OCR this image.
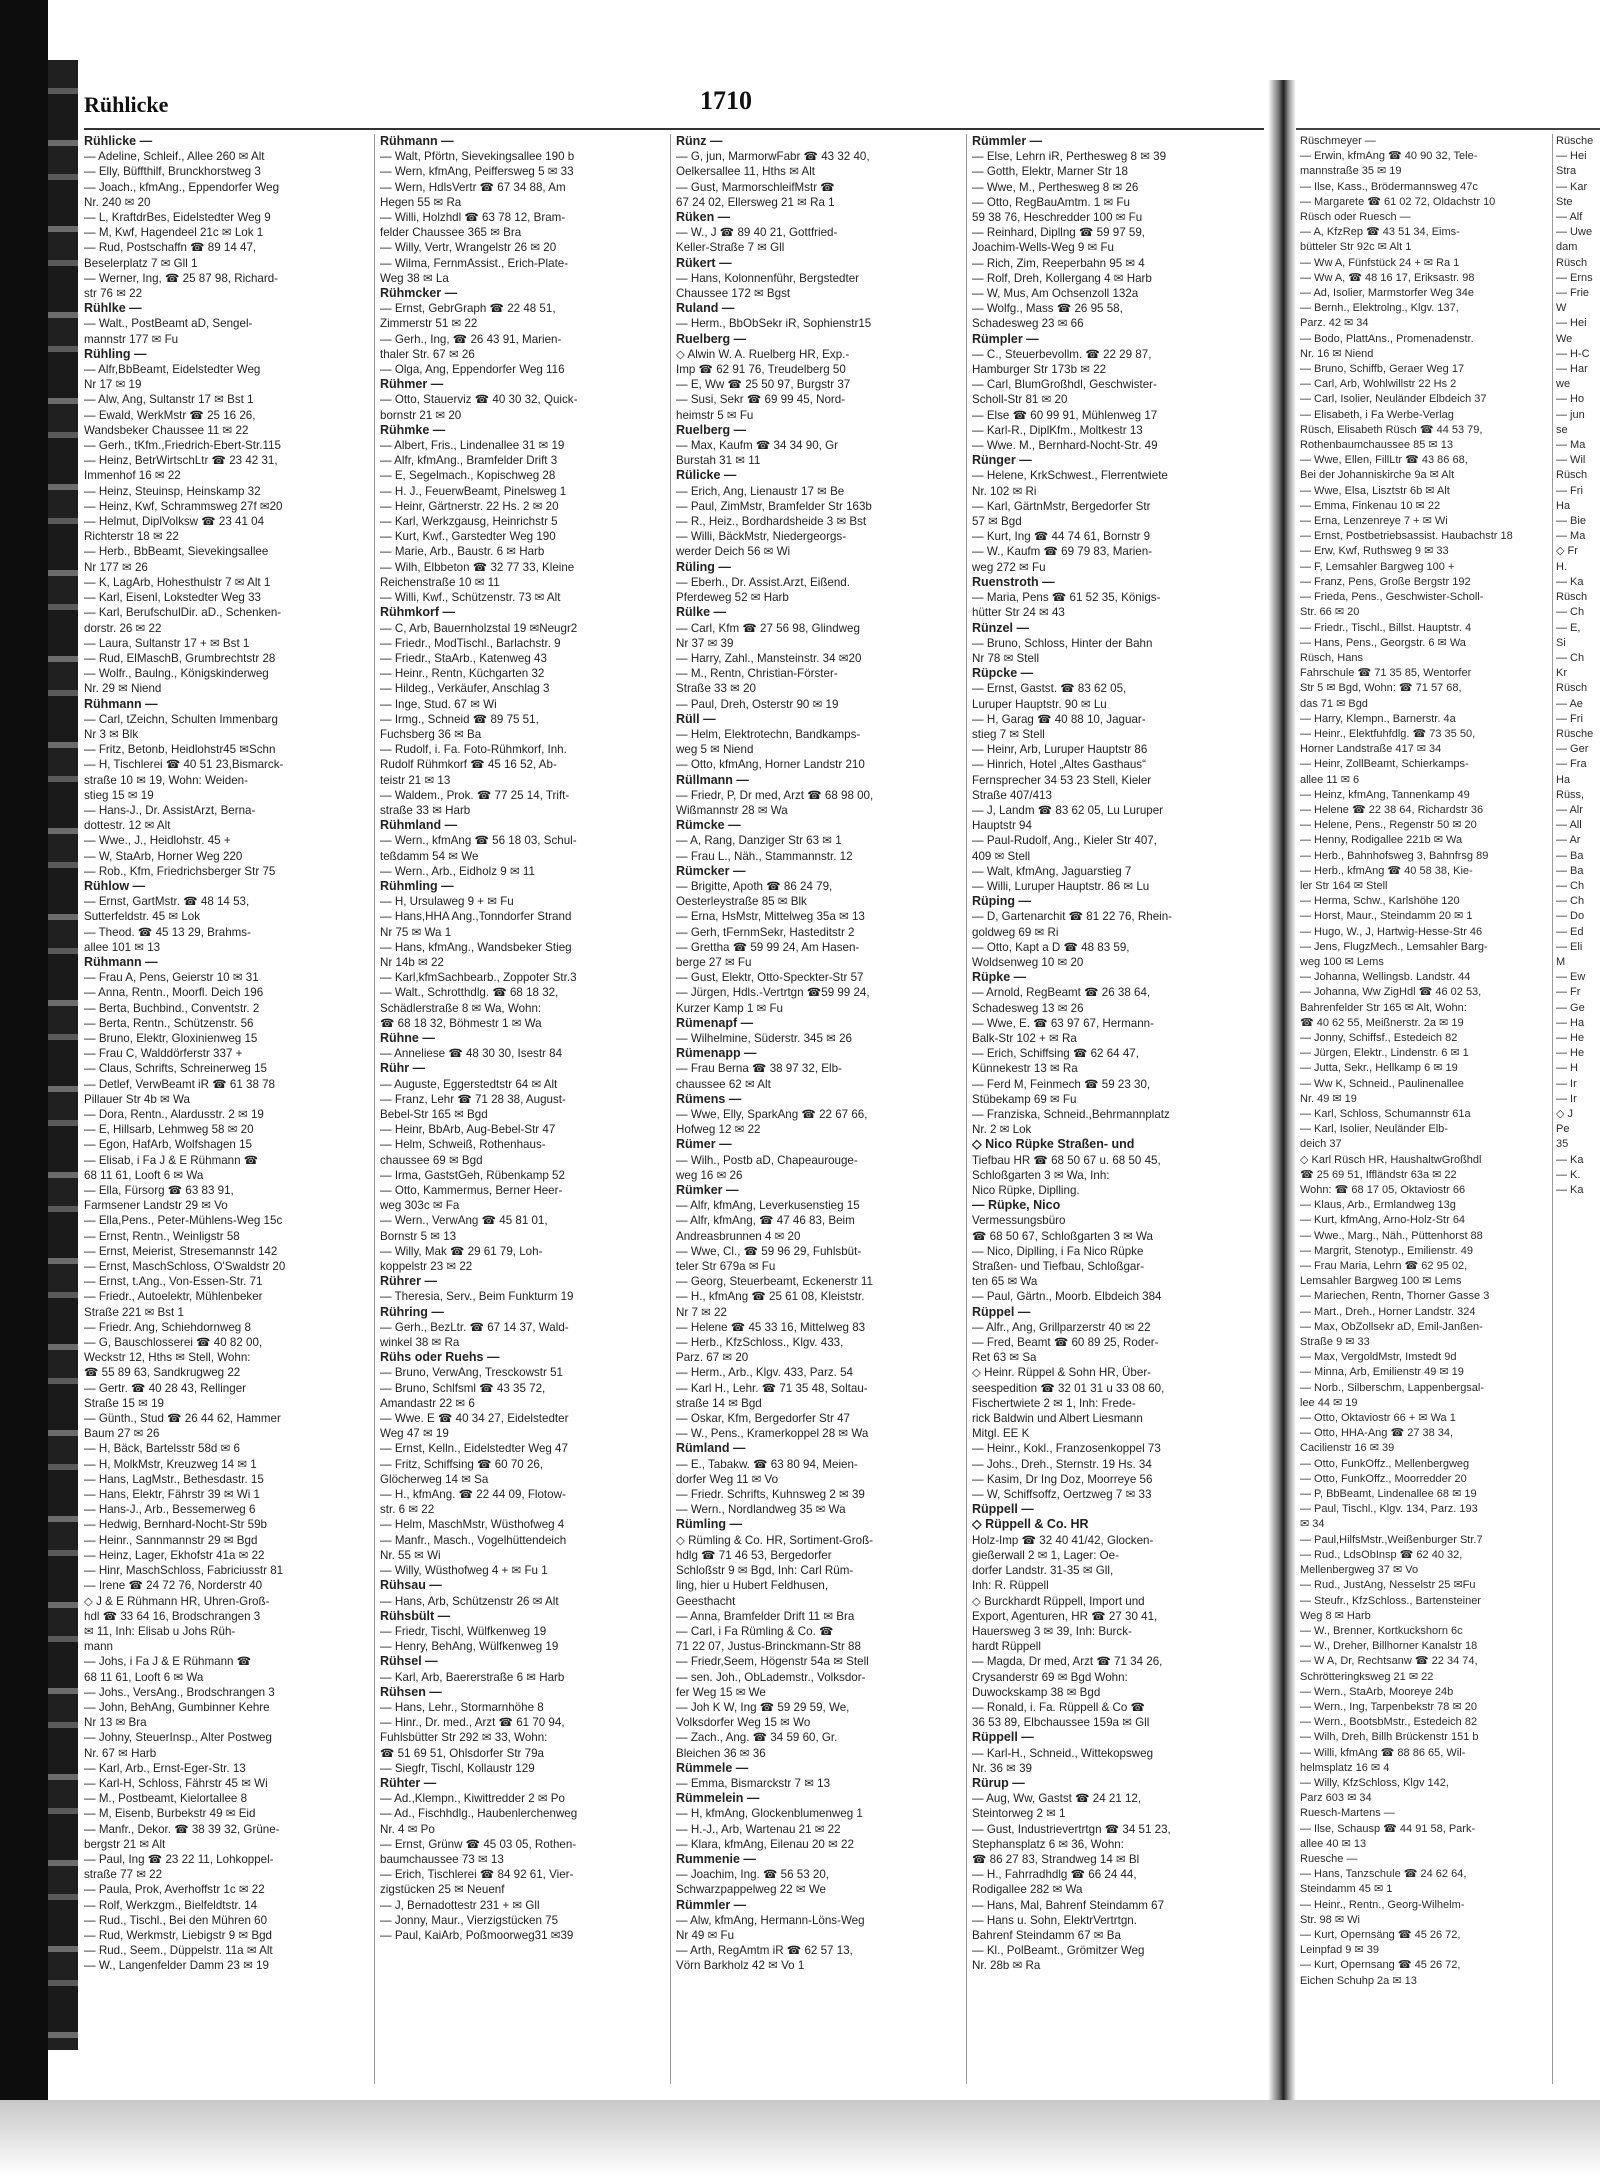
Rühlicke	1710
Rühlicke —
— Adeline, Schleif., Allee 260 ✉ Alt
— Elly, Büffthilf, Brunckhorstweg 3
— Joach., kfmAng., Eppendorfer Weg
Nr. 240 ✉ 20
— L, KraftdrBes, Eidelstedter Weg 9
— M, Kwf, Hagendeel 21c ✉ Lok 1
— Rud, Postschaffn ☎ 89 14 47,
Beselerplatz 7 ✉ Gll 1
— Werner, Ing, ☎ 25 87 98, Richard-
str 76 ✉ 22
Rühlke —
— Walt., PostBeamt aD, Sengel-
mannstr 177 ✉ Fu
Rühling —
— Alfr,BbBeamt, Eidelstedter Weg
Nr 17 ✉ 19
— Alw, Ang, Sultanstr 17 ✉ Bst 1
— Ewald, WerkMstr ☎ 25 16 26,
Wandsbeker Chaussee 11 ✉ 22
— Gerh., tKfm.,Friedrich-Ebert-Str.115
— Heinz, BetrWirtschLtr ☎ 23 42 31,
Immenhof 16 ✉ 22
— Heinz, Steuinsp, Heinskamp 32
— Heinz, Kwf, Schrammsweg 27f ✉20
— Helmut, DiplVolksw ☎ 23 41 04
Richterstr 18 ✉ 22
— Herb., BbBeamt, Sievekingsallee
Nr 177 ✉ 26
— K, LagArb, Hohesthulstr 7 ✉ Alt 1
— Karl, Eisenl, Lokstedter Weg 33
— Karl, BerufschulDir. aD., Schenken-
dorstr. 26 ✉ 22
— Laura, Sultanstr 17 + ✉ Bst 1
— Rud, ElMaschB, Grumbrechtstr 28
— Wolfr., Baulng., Königskinderweg
Nr. 29 ✉ Niend
Rühmann —
— Carl, tZeichn, Schulten Immenbarg
Nr 3 ✉ Blk
— Fritz, Betonb, Heidlohstr45 ✉Schn
— H, Tischlerei ☎ 40 51 23,Bismarck-
straße 10 ✉ 19, Wohn: Weiden-
stieg 15 ✉ 19
— Hans-J., Dr. AssistArzt, Berna-
dottestr. 12 ✉ Alt
— Wwe., J., Heidlohstr. 45 +
— W, StaArb, Horner Weg 220
— Rob., Kfm, Friedrichsberger Str 75
Rühlow —
— Ernst, GartMstr. ☎ 48 14 53,
Sutterfeldstr. 45 ✉ Lok
— Theod. ☎ 45 13 29, Brahms-
allee 101 ✉ 13
Rühmann —
— Frau A, Pens, Geierstr 10 ✉ 31
— Anna, Rentn., Moorfl. Deich 196
— Berta, Buchbind., Conventstr. 2
— Berta, Rentn., Schützenstr. 56
— Bruno, Elektr, Gloxinienweg 15
— Frau C, Walddörferstr 337 +
— Claus, Schrifts, Schreinerweg 15
— Detlef, VerwBeamt iR ☎ 61 38 78
Pillauer Str 4b ✉ Wa
— Dora, Rentn., Alardusstr. 2 ✉ 19
— E, Hillsarb, Lehmweg 58 ✉ 20
— Egon, HafArb, Wolfshagen 15
— Elisab, i Fa J & E Rühmann ☎
68 11 61, Looft 6 ✉ Wa
— Ella, Fürsorg ☎ 63 83 91,
Farmsener Landstr 29 ✉ Vo
— Ella,Pens., Peter-Mühlens-Weg 15c
— Ernst, Rentn., Weinligstr 58
— Ernst, Meierist, Stresemannstr 142
— Ernst, MaschSchloss, O'Swaldstr 20
— Ernst, t.Ang., Von-Essen-Str. 71
— Friedr., Autoelektr, Mühlenbeker
Straße 221 ✉ Bst 1
— Friedr. Ang, Schiehdornweg 8
— G, Bauschlosserei ☎ 40 82 00,
Weckstr 12, Hths ✉ Stell, Wohn:
☎ 55 89 63, Sandkrugweg 22
— Gertr. ☎ 40 28 43, Rellinger
Straße 15 ✉ 19
— Günth., Stud ☎ 26 44 62, Hammer
Baum 27 ✉ 26
— H, Bäck, Bartelsstr 58d ✉ 6
— H, MolkMstr, Kreuzweg 14 ✉ 1
— Hans, LagMstr., Bethesdastr. 15
— Hans, Elektr, Fährstr 39 ✉ Wi 1
— Hans-J., Arb., Bessemerweg 6
— Hedwig, Bernhard-Nocht-Str 59b
— Heinr., Sannmannstr 29 ✉ Bgd
— Heinz, Lager, Ekhofstr 41a ✉ 22
— Hinr, MaschSchloss, Fabriciusstr 81
— Irene ☎ 24 72 76, Norderstr 40
◇ J & E Rühmann HR, Uhren-Groß-
hdl ☎ 33 64 16, Brodschrangen 3
✉ 11, Inh: Elisab u Johs Rüh-
mann
— Johs, i Fa J & E Rühmann ☎
68 11 61, Looft 6 ✉ Wa
— Johs., VersAng., Brodschrangen 3
— John, BehAng, Gumbinner Kehre
Nr 13 ✉ Bra
— Johny, SteuerInsp., Alter Postweg
Nr. 67 ✉ Harb
— Karl, Arb., Ernst-Eger-Str. 13
— Karl-H, Schloss, Fährstr 45 ✉ Wi
— M., Postbeamt, Kielortallee 8
— M, Eisenb, Burbekstr 49 ✉ Eid
— Manfr., Dekor. ☎ 38 39 32, Grüne-
bergstr 21 ✉ Alt
— Paul, Ing ☎ 23 22 11, Lohkoppel-
straße 77 ✉ 22
— Paula, Prok, Averhoffstr 1c ✉ 22
— Rolf, Werkzgm., Bielfeldtstr. 14
— Rud., Tischl., Bei den Mühren 60
— Rud, Werkmstr, Liebigstr 9 ✉ Bgd
— Rud., Seem., Düppelstr. 11a ✉ Alt
— W., Langenfelder Damm 23 ✉ 19
Rühmann —
— Walt, Pförtn, Sievekingsallee 190 b
— Wern, kfmAng, Peiffersweg 5 ✉ 33
— Wern, HdlsVertr ☎ 67 34 88, Am
Hegen 55 ✉ Ra
— Willi, Holzhdl ☎ 63 78 12, Bram-
felder Chaussee 365 ✉ Bra
— Willy, Vertr, Wrangelstr 26 ✉ 20
— Wilma, FernmAssist., Erich-Plate-
Weg 38 ✉ La
Rühmcker —
— Ernst, GebrGraph ☎ 22 48 51,
Zimmerstr 51 ✉ 22
— Gerh., Ing, ☎ 26 43 91, Marien-
thaler Str. 67 ✉ 26
— Olga, Ang, Eppendorfer Weg 116
Rühmer —
— Otto, Stauerviz ☎ 40 30 32, Quick-
bornstr 21 ✉ 20
Rühmke —
— Albert, Fris., Lindenallee 31 ✉ 19
— Alfr, kfmAng., Bramfelder Drift 3
— E, Segelmach., Kopischweg 28
— H. J., FeuerwBeamt, Pinelsweg 1
— Heinr, Gärtnerstr. 22 Hs. 2 ✉ 20
— Karl, Werkzgausg, Heinrichstr 5
— Kurt, Kwf., Garstedter Weg 190
— Marie, Arb., Baustr. 6 ✉ Harb
— Wilh, Elbbeton ☎ 32 77 33, Kleine
Reichenstraße 10 ✉ 11
— Willi, Kwf., Schützenstr. 73 ✉ Alt
Rühmkorf —
— C, Arb, Bauernholzstal 19 ✉Neugr2
— Friedr., ModTischl., Barlachstr. 9
— Friedr., StaArb., Katenweg 43
— Heinr., Rentn, Küchgarten 32
— Hildeg., Verkäufer, Anschlag 3
— Inge, Stud. 67 ✉ Wi
— Irmg., Schneid ☎ 89 75 51,
Fuchsberg 36 ✉ Ba
— Rudolf, i. Fa. Foto-Rühmkorf, Inh.
Rudolf Rühmkorf ☎ 45 16 52, Ab-
teistr 21 ✉ 13
— Waldem., Prok. ☎ 77 25 14, Trift-
straße 33 ✉ Harb
Rühmland —
— Wern., kfmAng ☎ 56 18 03, Schul-
teßdamm 54 ✉ We
— Wern., Arb., Eidholz 9 ✉ 11
Rühmling —
— H, Ursulaweg 9 + ✉ Fu
— Hans,HHA Ang.,Tonndorfer Strand
Nr 75 ✉ Wa 1
— Hans, kfmAng., Wandsbeker Stieg
Nr 14b ✉ 22
— Karl,kfmSachbearb., Zoppoter Str.3
— Walt., Schrotthdlg. ☎ 68 18 32,
Schädlerstraße 8 ✉ Wa, Wohn:
☎ 68 18 32, Böhmestr 1 ✉ Wa
Rühne —
— Anneliese ☎ 48 30 30, Isestr 84
Rühr —
— Auguste, Eggerstedtstr 64 ✉ Alt
— Franz, Lehr ☎ 71 28 38, August-
Bebel-Str 165 ✉ Bgd
— Heinr, BbArb, Aug-Bebel-Str 47
— Helm, Schweiß, Rothenhaus-
chaussee 69 ✉ Bgd
— Irma, GaststGeh, Rübenkamp 52
— Otto, Kammermus, Berner Heer-
weg 303c ✉ Fa
— Wern., VerwAng ☎ 45 81 01,
Bornstr 5 ✉ 13
— Willy, Mak ☎ 29 61 79, Loh-
koppelstr 23 ✉ 22
Rührer —
— Theresia, Serv., Beim Funkturm 19
Rühring —
— Gerh., BezLtr. ☎ 67 14 37, Wald-
winkel 38 ✉ Ra
Rühs oder Ruehs —
— Bruno, VerwAng, Tresckowstr 51
— Bruno, Schlfsml ☎ 43 35 72,
Amandastr 22 ✉ 6
— Wwe. E ☎ 40 34 27, Eidelstedter
Weg 47 ✉ 19
— Ernst, Kelln., Eidelstedter Weg 47
— Fritz, Schiffsing ☎ 60 70 26,
Glöcherweg 14 ✉ Sa
— H., kfmAng. ☎ 22 44 09, Flotow-
str. 6 ✉ 22
— Helm, MaschMstr, Wüsthofweg 4
— Manfr., Masch., Vogelhüttendeich
Nr. 55 ✉ Wi
— Willy, Wüsthofweg 4 + ✉ Fu 1
Rühsau —
— Hans, Arb, Schützenstr 26 ✉ Alt
Rühsbült —
— Friedr, Tischl, Wülfkenweg 19
— Henry, BehAng, Wülfkenweg 19
Rühsel —
— Karl, Arb, Baererstraße 6 ✉ Harb
Rühsen —
— Hans, Lehr., Stormarnhöhe 8
— Hinr., Dr. med., Arzt ☎ 61 70 94,
Fuhlsbütter Str 292 ✉ 33, Wohn:
☎ 51 69 51, Ohlsdorfer Str 79a
— Siegfr, Tischl, Kollaustr 129
Rühter —
— Ad.,Klempn., Kiwittredder 2 ✉ Po
— Ad., Fischhdlg., Haubenlerchenweg
Nr. 4 ✉ Po
— Ernst, Grünw ☎ 45 03 05, Rothen-
baumchaussee 73 ✉ 13
— Erich, Tischlerei ☎ 84 92 61, Vier-
zigstücken 25 ✉ Neuenf
— J, Bernadottestr 231 + ✉ Gll
— Jonny, Maur., Vierzigstücken 75
— Paul, KaiArb, Poßmoorweg31 ✉39
Rünz —
— G, jun, MarmorwFabr ☎ 43 32 40,
Oelkersallee 11, Hths ✉ Alt
— Gust, MarmorschleifMstr ☎
67 24 02, Ellersweg 21 ✉ Ra 1
Rüken —
— W., J ☎ 89 40 21, Gottfried-
Keller-Straße 7 ✉ Gll
Rükert —
— Hans, Kolonnenführ, Bergstedter
Chaussee 172 ✉ Bgst
Ruland —
— Herm., BbObSekr iR, Sophienstr15
Ruelberg —
◇ Alwin W. A. Ruelberg HR, Exp.-
Imp ☎ 62 91 76, Treudelberg 50
— E, Ww ☎ 25 50 97, Burgstr 37
— Susi, Sekr ☎ 69 99 45, Nord-
heimstr 5 ✉ Fu
Ruelberg —
— Max, Kaufm ☎ 34 34 90, Gr
Burstah 31 ✉ 11
Rülicke —
— Erich, Ang, Lienaustr 17 ✉ Be
— Paul, ZimMstr, Bramfelder Str 163b
— R., Heiz., Bordhardsheide 3 ✉ Bst
— Willi, BäckMstr, Niedergeorgs-
werder Deich 56 ✉ Wi
Rüling —
— Eberh., Dr. Assist.Arzt, Eißend.
Pferdeweg 52 ✉ Harb
Rülke —
— Carl, Kfm ☎ 27 56 98, Glindweg
Nr 37 ✉ 39
— Harry, Zahl., Mansteinstr. 34 ✉20
— M., Rentn, Christian-Förster-
Straße 33 ✉ 20
— Paul, Dreh, Osterstr 90 ✉ 19
Rüll —
— Helm, Elektrotechn, Bandkamps-
weg 5 ✉ Niend
— Otto, kfmAng, Horner Landstr 210
Rüllmann —
— Friedr, P, Dr med, Arzt ☎ 68 98 00,
Wißmannstr 28 ✉ Wa
Rümcke —
— A, Rang, Danziger Str 63 ✉ 1
— Frau L., Näh., Stammannstr. 12
Rümcker —
— Brigitte, Apoth ☎ 86 24 79,
Oesterleystraße 85 ✉ Blk
— Erna, HsMstr, Mittelweg 35a ✉ 13
— Gerh, tFernmSekr, Hasteditstr 2
— Grettha ☎ 59 99 24, Am Hasen-
berge 27 ✉ Fu
— Gust, Elektr, Otto-Speckter-Str 57
— Jürgen, Hdls.-Vertrtgn ☎59 99 24,
Kurzer Kamp 1 ✉ Fu
Rümenapf —
— Wilhelmine, Süderstr. 345 ✉ 26
Rümenapp —
— Frau Berna ☎ 38 97 32, Elb-
chaussee 62 ✉ Alt
Rümens —
— Wwe, Elly, SparkAng ☎ 22 67 66,
Hofweg 12 ✉ 22
Rümer —
— Wilh., Postb aD, Chapeaurouge-
weg 16 ✉ 26
Rümker —
— Alfr, kfmAng, Leverkusenstieg 15
— Alfr, kfmAng, ☎ 47 46 83, Beim
Andreasbrunnen 4 ✉ 20
— Wwe, Cl., ☎ 59 96 29, Fuhlsbüt-
teler Str 679a ✉ Fu
— Georg, Steuerbeamt, Eckenerstr 11
— H., kfmAng ☎ 25 61 08, Kleiststr.
Nr 7 ✉ 22
— Helene ☎ 45 33 16, Mittelweg 83
— Herb., KfzSchloss., Klgv. 433,
Parz. 67 ✉ 20
— Herm., Arb., Klgv. 433, Parz. 54
— Karl H., Lehr. ☎ 71 35 48, Soltau-
straße 14 ✉ Bgd
— Oskar, Kfm, Bergedorfer Str 47
— W., Pens., Kramerkoppel 28 ✉ Wa
Rümland —
— E., Tabakw. ☎ 63 80 94, Meien-
dorfer Weg 11 ✉ Vo
— Friedr. Schrifts, Kuhnsweg 2 ✉ 39
— Wern., Nordlandweg 35 ✉ Wa
Rümling —
◇ Rümling & Co. HR, Sortiment-Groß-
hdlg ☎ 71 46 53, Bergedorfer
Schloßstr 9 ✉ Bgd, Inh: Carl Rüm-
ling, hier u Hubert Feldhusen,
Geesthacht
— Anna, Bramfelder Drift 11 ✉ Bra
— Carl, i Fa Rümling & Co. ☎
71 22 07, Justus-Brinckmann-Str 88
— Friedr,Seem, Högenstr 54a ✉ Stell
— sen. Joh., ObLademstr., Volksdor-
fer Weg 15 ✉ We
— Joh K W, Ing ☎ 59 29 59, We,
Volksdorfer Weg 15 ✉ Wo
— Zach., Ang. ☎ 34 59 60, Gr.
Bleichen 36 ✉ 36
Rümmele —
— Emma, Bismarckstr 7 ✉ 13
Rümmelein —
— H, kfmAng, Glockenblumenweg 1
— H.-J., Arb, Wartenau 21 ✉ 22
— Klara, kfmAng, Eilenau 20 ✉ 22
Rummenie —
— Joachim, Ing. ☎ 56 53 20,
Schwarzpappelweg 22 ✉ We
Rümmler —
— Alw, kfmAng, Hermann-Löns-Weg
Nr 49 ✉ Fu
— Arth, RegAmtm iR ☎ 62 57 13,
Vörn Barkholz 42 ✉ Vo 1
Rümmler —
— Else, Lehrn iR, Perthesweg 8 ✉ 39
— Gotth, Elektr, Marner Str 18
— Wwe, M., Perthesweg 8 ✉ 26
— Otto, RegBauAmtm. 1 ✉ Fu
59 38 76, Heschredder 100 ✉ Fu
— Reinhard, Dipllng ☎ 59 97 59,
Joachim-Wells-Weg 9 ✉ Fu
— Rich, Zim, Reeperbahn 95 ✉ 4
— Rolf, Dreh, Kollergang 4 ✉ Harb
— W, Mus, Am Ochsenzoll 132a
— Wolfg., Mass ☎ 26 95 58,
Schadesweg 23 ✉ 66
Rümpler —
— C., Steuerbevollm. ☎ 22 29 87,
Hamburger Str 173b ✉ 22
— Carl, BlumGroßhdl, Geschwister-
Scholl-Str 81 ✉ 20
— Else ☎ 60 99 91, Mühlenweg 17
— Karl-R., DiplKfm., Moltkestr 13
— Wwe. M., Bernhard-Nocht-Str. 49
Rünger —
— Helene, KrkSchwest., Flerrentwiete
Nr. 102 ✉ Ri
— Karl, GärtnMstr, Bergedorfer Str
57 ✉ Bgd
— Kurt, Ing ☎ 44 74 61, Bornstr 9
— W., Kaufm ☎ 69 79 83, Marien-
weg 272 ✉ Fu
Ruenstroth —
— Maria, Pens ☎ 61 52 35, Königs-
hütter Str 24 ✉ 43
Rünzel —
— Bruno, Schloss, Hinter der Bahn
Nr 78 ✉ Stell
Rüpcke —
— Ernst, Gastst. ☎ 83 62 05,
Luruper Hauptstr. 90 ✉ Lu
— H, Garag ☎ 40 88 10, Jaguar-
stieg 7 ✉ Stell
— Heinr, Arb, Luruper Hauptstr 86
— Hinrich, Hotel „Altes Gasthaus“
Fernsprecher 34 53 23 Stell, Kieler
Straße 407/413
— J, Landm ☎ 83 62 05, Lu Luruper
Hauptstr 94
— Paul-Rudolf, Ang., Kieler Str 407,
409 ✉ Stell
— Walt, kfmAng, Jaguarstieg 7
— Willi, Luruper Hauptstr. 86 ✉ Lu
Rüping —
— D, Gartenarchit ☎ 81 22 76, Rhein-
goldweg 69 ✉ Ri
— Otto, Kapt a D ☎ 48 83 59,
Woldsenweg 10 ✉ 20
Rüpke —
— Arnold, RegBeamt ☎ 26 38 64,
Schadesweg 13 ✉ 26
— Wwe, E. ☎ 63 97 67, Hermann-
Balk-Str 102 + ✉ Ra
— Erich, Schiffsing ☎ 62 64 47,
Künnekestr 13 ✉ Ra
— Ferd M, Feinmech ☎ 59 23 30,
Stübekamp 69 ✉ Fu
— Franziska, Schneid.,Behrmannplatz
Nr. 2 ✉ Lok
◇ Nico Rüpke Straßen- und
Tiefbau HR ☎ 68 50 67 u. 68 50 45,
Schloßgarten 3 ✉ Wa, Inh:
Nico Rüpke, Diplling.
— Rüpke, Nico
Vermessungsbüro
☎ 68 50 67, Schloßgarten 3 ✉ Wa
— Nico, Diplling, i Fa Nico Rüpke
Straßen- und Tiefbau, Schloßgar-
ten 65 ✉ Wa
— Paul, Gärtn., Moorb. Elbdeich 384
Rüppel —
— Alfr., Ang, Grillparzerstr 40 ✉ 22
— Fred, Beamt ☎ 60 89 25, Roder-
Ret 63 ✉ Sa
◇ Heinr. Rüppel & Sohn HR, Über-
seespedition ☎ 32 01 31 u 33 08 60,
Fischertwiete 2 ✉ 1, Inh: Frede-
rick Baldwin und Albert Liesmann
Mitgl. EE K
— Heinr., Kokl., Franzosenkoppel 73
— Johs., Dreh., Sternstr. 19 Hs. 34
— Kasim, Dr Ing Doz, Moorreye 56
— W, Schiffsoffz, Oertzweg 7 ✉ 33
Rüppell —
◇ Rüppell & Co. HR
Holz-Imp ☎ 32 40 41/42, Glocken-
gießerwall 2 ✉ 1, Lager: Oe-
dorfer Landstr. 31-35 ✉ Gll,
Inh: R. Rüppell
◇ Burckhardt Rüppell, Import und
Export, Agenturen, HR ☎ 27 30 41,
Hauersweg 3 ✉ 39, Inh: Burck-
hardt Rüppell
— Magda, Dr med, Arzt ☎ 71 34 26,
Crysanderstr 69 ✉ Bgd Wohn:
Duwockskamp 38 ✉ Bgd
— Ronald, i. Fa. Rüppell & Co ☎
36 53 89, Elbchaussee 159a ✉ Gll
Rüppell —
— Karl-H., Schneid., Wittekopsweg
Nr. 36 ✉ 39
Rürup —
— Aug, Ww, Gastst ☎ 24 21 12,
Steintorweg 2 ✉ 1
— Gust, Industrievertrtgn ☎ 34 51 23,
Stephansplatz 6 ✉ 36, Wohn:
☎ 86 27 83, Strandweg 14 ✉ Bl
— H., Fahrradhdlg ☎ 66 24 44,
Rodigallee 282 ✉ Wa
— Hans, Mal, Bahrenf Steindamm 67
— Hans u. Sohn, ElektrVertrtgn.
Bahrenf Steindamm 67 ✉ Ba
— Kl., PolBeamt., Grömitzer Weg
Nr. 28b ✉ Ra
Rüschmeyer —
— Erwin, kfmAng ☎ 40 90 32, Tele-
mannstraße 35 ✉ 19
— Ilse, Kass., Brödermannsweg 47c
— Margarete ☎ 61 02 72, Oldachstr 10
Rüsch oder Ruesch —
— A, KfzRep ☎ 43 51 34, Eims-
bütteler Str 92c ✉ Alt 1
— Ww A, Fünfstück 24 + ✉ Ra 1
— Ww A, ☎ 48 16 17, Eriksastr. 98
— Ad, Isolier, Marmstorfer Weg 34e
— Bernh., Elektrolng., Klgv. 137,
Parz. 42 ✉ 34
— Bodo, PlattAns., Promenadenstr.
Nr. 16 ✉ Niend
— Bruno, Schiffb, Geraer Weg 17
— Carl, Arb, Wohlwillstr 22 Hs 2
— Carl, Isolier, Neuländer Elbdeich 37
— Elisabeth, i Fa Werbe-Verlag
Rüsch, Elisabeth Rüsch ☎ 44 53 79,
Rothenbaumchaussee 85 ✉ 13
— Wwe, Ellen, FillLtr ☎ 43 86 68,
Bei der Johanniskirche 9a ✉ Alt
— Wwe, Elsa, Lisztstr 6b ✉ Alt
— Emma, Finkenau 10 ✉ 22
— Erna, Lenzenreye 7 + ✉ Wi
— Ernst, Postbetriebsassist. Haubachstr 18
— Erw, Kwf, Ruthsweg 9 ✉ 33
— F, Lemsahler Bargweg 100 +
— Franz, Pens, Große Bergstr 192
— Frieda, Pens., Geschwister-Scholl-
Str. 66 ✉ 20
— Friedr., Tischl., Billst. Hauptstr. 4
— Hans, Pens., Georgstr. 6 ✉ Wa
Rüsch, Hans
Fahrschule ☎ 71 35 85, Wentorfer
Str 5 ✉ Bgd, Wohn: ☎ 71 57 68,
das 71 ✉ Bgd
— Harry, Klempn., Barnerstr. 4a
— Heinr., Elektfuhfdlg. ☎ 73 35 50,
Horner Landstraße 417 ✉ 34
— Heinr, ZollBeamt, Schierkamps-
allee 11 ✉ 6
— Heinz, kfmAng, Tannenkamp 49
— Helene ☎ 22 38 64, Richardstr 36
— Helene, Pens., Regenstr 50 ✉ 20
— Henny, Rodigallee 221b ✉ Wa
— Herb., Bahnhofsweg 3, Bahnfrsg 89
— Herb., kfmAng ☎ 40 58 38, Kie-
ler Str 164 ✉ Stell
— Herma, Schw., Karlshöhe 120
— Horst, Maur., Steindamm 20 ✉ 1
— Hugo, W., J, Hartwig-Hesse-Str 46
— Jens, FlugzMech., Lemsahler Barg-
weg 100 ✉ Lems
— Johanna, Wellingsb. Landstr. 44
— Johanna, Ww ZigHdl ☎ 46 02 53,
Bahrenfelder Str 165 ✉ Alt, Wohn:
☎ 40 62 55, Meißnerstr. 2a ✉ 19
— Jonny, Schiffsf., Estedeich 82
— Jürgen, Elektr., Lindenstr. 6 ✉ 1
— Jutta, Sekr., Hellkamp 6 ✉ 19
— Ww K, Schneid., Paulinenallee
Nr. 49 ✉ 19
— Karl, Schloss, Schumannstr 61a
— Karl, Isolier, Neuländer Elb-
deich 37
◇ Karl Rüsch HR, HaushaltwGroßhdl
☎ 25 69 51, Iffländstr 63a ✉ 22
Wohn: ☎ 68 17 05, Oktaviostr 66
— Klaus, Arb., Ermlandweg 13g
— Kurt, kfmAng, Arno-Holz-Str 64
— Wwe., Marg., Näh., Püttenhorst 88
— Margrit, Stenotyp., Emilienstr. 49
— Frau Maria, Lehrn ☎ 62 95 02,
Lemsahler Bargweg 100 ✉ Lems
— Mariechen, Rentn, Thorner Gasse 3
— Mart., Dreh., Horner Landstr. 324
— Max, ObZollsekr aD, Emil-Janßen-
Straße 9 ✉ 33
— Max, VergoldMstr, Imstedt 9d
— Minna, Arb, Emilienstr 49 ✉ 19
— Norb., Silberschm, Lappenbergsal-
lee 44 ✉ 19
— Otto, Oktaviostr 66 + ✉ Wa 1
— Otto, HHA-Ang ☎ 27 38 34,
Cacilienstr 16 ✉ 39
— Otto, FunkOffz., Mellenbergweg
— Otto, FunkOffz., Moorredder 20
— P, BbBeamt, Lindenallee 68 ✉ 19
— Paul, Tischl., Klgv. 134, Parz. 193
✉ 34
— Paul,HilfsMstr.,Weißenburger Str.7
— Rud., LdsObInsp ☎ 62 40 32,
Mellenbergweg 37 ✉ Vo
— Rud., JustAng, Nesselstr 25 ✉Fu
— Steufr., KfzSchloss., Bartensteiner
Weg 8 ✉ Harb
— W., Brenner, Kortkuckshorn 6c
— W., Dreher, Billhorner Kanalstr 18
— W A, Dr, Rechtsanw ☎ 22 34 74,
Schrötteringksweg 21 ✉ 22
— Wern., StaArb, Mooreye 24b
— Wern., Ing, Tarpenbekstr 78 ✉ 20
— Wern., BootsbMstr., Estedeich 82
— Wilh, Dreh, Billh Brückenstr 151 b
— Willi, kfmAng ☎ 88 86 65, Wil-
helmsplatz 16 ✉ 4
— Willy, KfzSchloss, Klgv 142,
Parz 603 ✉ 34
Ruesch-Martens —
— Ilse, Schausp ☎ 44 91 58, Park-
allee 40 ✉ 13
Ruesche —
— Hans, Tanzschule ☎ 24 62 64,
Steindamm 45 ✉ 1
— Heinr., Rentn., Georg-Wilhelm-
Str. 98 ✉ Wi
— Kurt, Opernsäng ☎ 45 26 72,
Leinpfad 9 ✉ 39
— Kurt, Opernsang ☎ 45 26 72,
Eichen Schuhp 2a ✉ 13
Rüsche
— Hei
Stra
— Kar
Ste
— Alf
— Uwe
dam
Rüsch
— Erns
— Frie
W
— Hei
We
— H-C
— Har
we
— Ho
— jun
se
— Ma
— Wil
Rüsch
— Fri
Ha
— Bie
— Ma
◇ Fr
H.
— Ka
Rüsch
— Ch
— E,
Si
— Ch
Kr
Rüsch
— Ae
— Fri
Rüsche
— Ger
— Fra
Ha
Rüss,
— Alr
— All
— Ar
— Ba
— Ba
— Ch
— Ch
— Do
— Ed
— Eli
M
— Ew
— Fr
— Ge
— Ha
— He
— He
— H
— Ir
— Ir
◇ J
Pe
35
— Ka
— K.
— Ka
